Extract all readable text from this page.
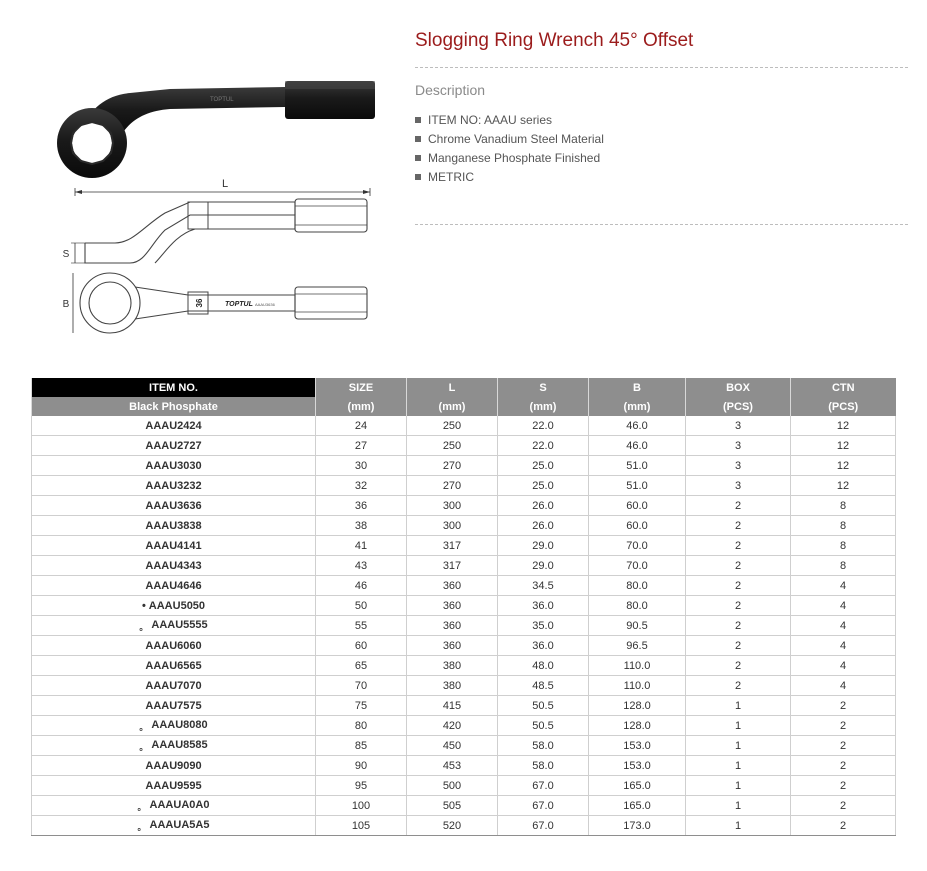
TOPTUL
L
S
36	TOPTUL AAAU3636
B
Slogging Ring Wrench 45° Offset
Description
ITEM NO: AAAU series
Chrome Vanadium Steel Material
Manganese Phosphate Finished
METRIC
ITEM NO.	SIZE	L	S	B	BOX	CTN
Black Phosphate	(mm)	(mm)	(mm)	(mm)	(PCS)	(PCS)
AAAU2424	24	250	22.0	46.0	3	12
AAAU2727	27	250	22.0	46.0	3	12
AAAU3030	30	270	25.0	51.0	3	12
AAAU3232	32	270	25.0	51.0	3	12
AAAU3636	36	300	26.0	60.0	2	8
AAAU3838	38	300	26.0	60.0	2	8
AAAU4141	41	317	29.0	70.0	2	8
AAAU4343	43	317	29.0	70.0	2	8
AAAU4646	46	360	34.5	80.0	2	4
• AAAU5050	50	360	36.0	80.0	2	4
。 AAAU5555	55	360	35.0	90.5	2	4
AAAU6060	60	360	36.0	96.5	2	4
AAAU6565	65	380	48.0	110.0	2	4
AAAU7070	70	380	48.5	110.0	2	4
AAAU7575	75	415	50.5	128.0	1	2
。 AAAU8080	80	420	50.5	128.0	1	2
。 AAAU8585	85	450	58.0	153.0	1	2
AAAU9090	90	453	58.0	153.0	1	2
AAAU9595	95	500	67.0	165.0	1	2
。 AAAUA0A0	100	505	67.0	165.0	1	2
。 AAAUA5A5	105	520	67.0	173.0	1	2
